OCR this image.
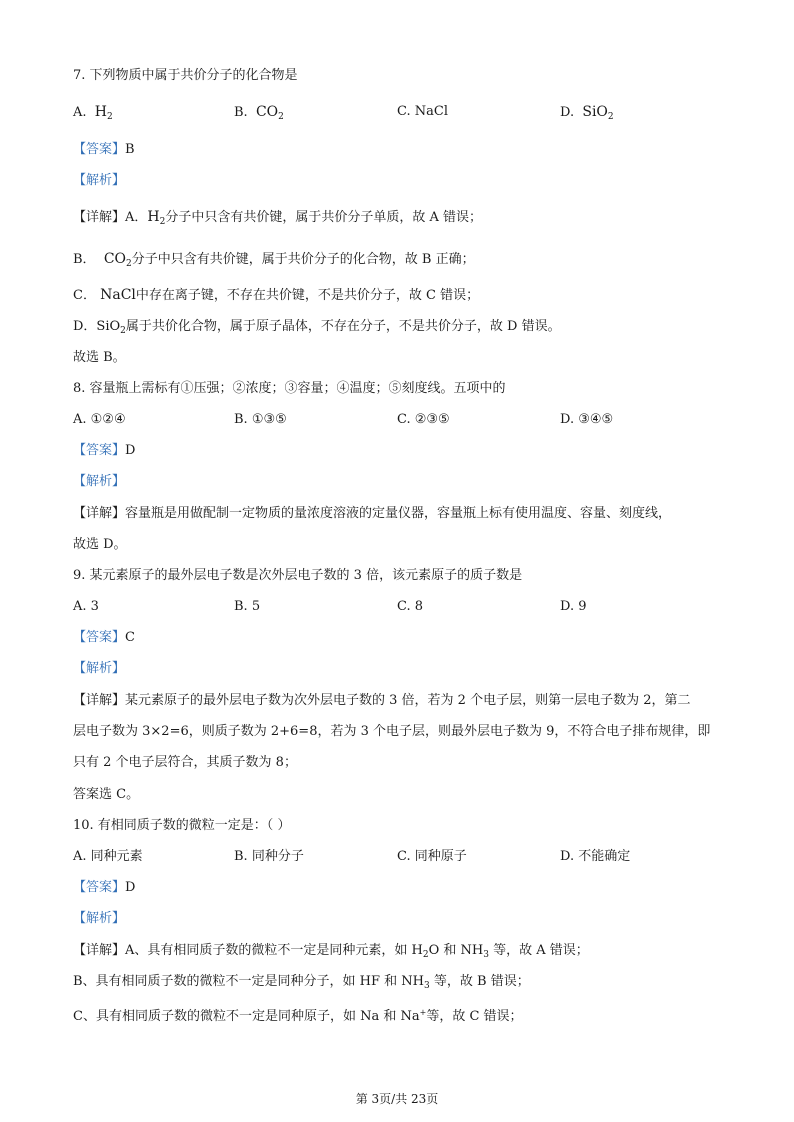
7. 下列物质中属于共价分子的化合物是
A. $H_2$	B. $CO_2$	C. NaCl	D. SiO$_2$
【答案】B
【解析】
【详解】A．$H_2$分子中只含有共价键，属于共价分子单质，故 A 错误；
B． $CO_2$分子中只含有共价键，属于共价分子的化合物，故 B 正确；
C． NaCl中存在离子键，不存在共价键，不是共价分子，故 C 错误；
D．SiO$_2$属于共价化合物，属于原子晶体，不存在分子，不是共价分子，故 D 错误。
故选 B。
8. 容量瓶上需标有①压强；②浓度；③容量；④温度；⑤刻度线。五项中的
A. ①②④	B. ①③⑤	C. ②③⑤	D. ③④⑤
【答案】D
【解析】
【详解】容量瓶是用做配制一定物质的量浓度溶液的定量仪器，容量瓶上标有使用温度、容量、刻度线，
故选 D。
9. 某元素原子的最外层电子数是次外层电子数的 3 倍，该元素原子的质子数是
A. 3	B. 5	C. 8	D. 9
【答案】C
【解析】
【详解】某元素原子的最外层电子数为次外层电子数的 3 倍，若为 2 个电子层，则第一层电子数为 2，第二
层电子数为 3×2=6，则质子数为 2+6=8，若为 3 个电子层，则最外层电子数为 9，不符合电子排布规律，即
只有 2 个电子层符合，其质子数为 8；
答案选 C。
10. 有相同质子数的微粒一定是：（ ）
A. 同种元素	B. 同种分子	C. 同种原子	D. 不能确定
【答案】D
【解析】
【详解】A、具有相同质子数的微粒不一定是同种元素，如 $H_2O$ 和 $NH_3$ 等，故 A 错误；
B、具有相同质子数的微粒不一定是同种分子，如 HF 和 $NH_3$ 等，故 B 错误；
C、具有相同质子数的微粒不一定是同种原子，如 Na 和 Na+等，故 C 错误；
第 3页/共 23页
